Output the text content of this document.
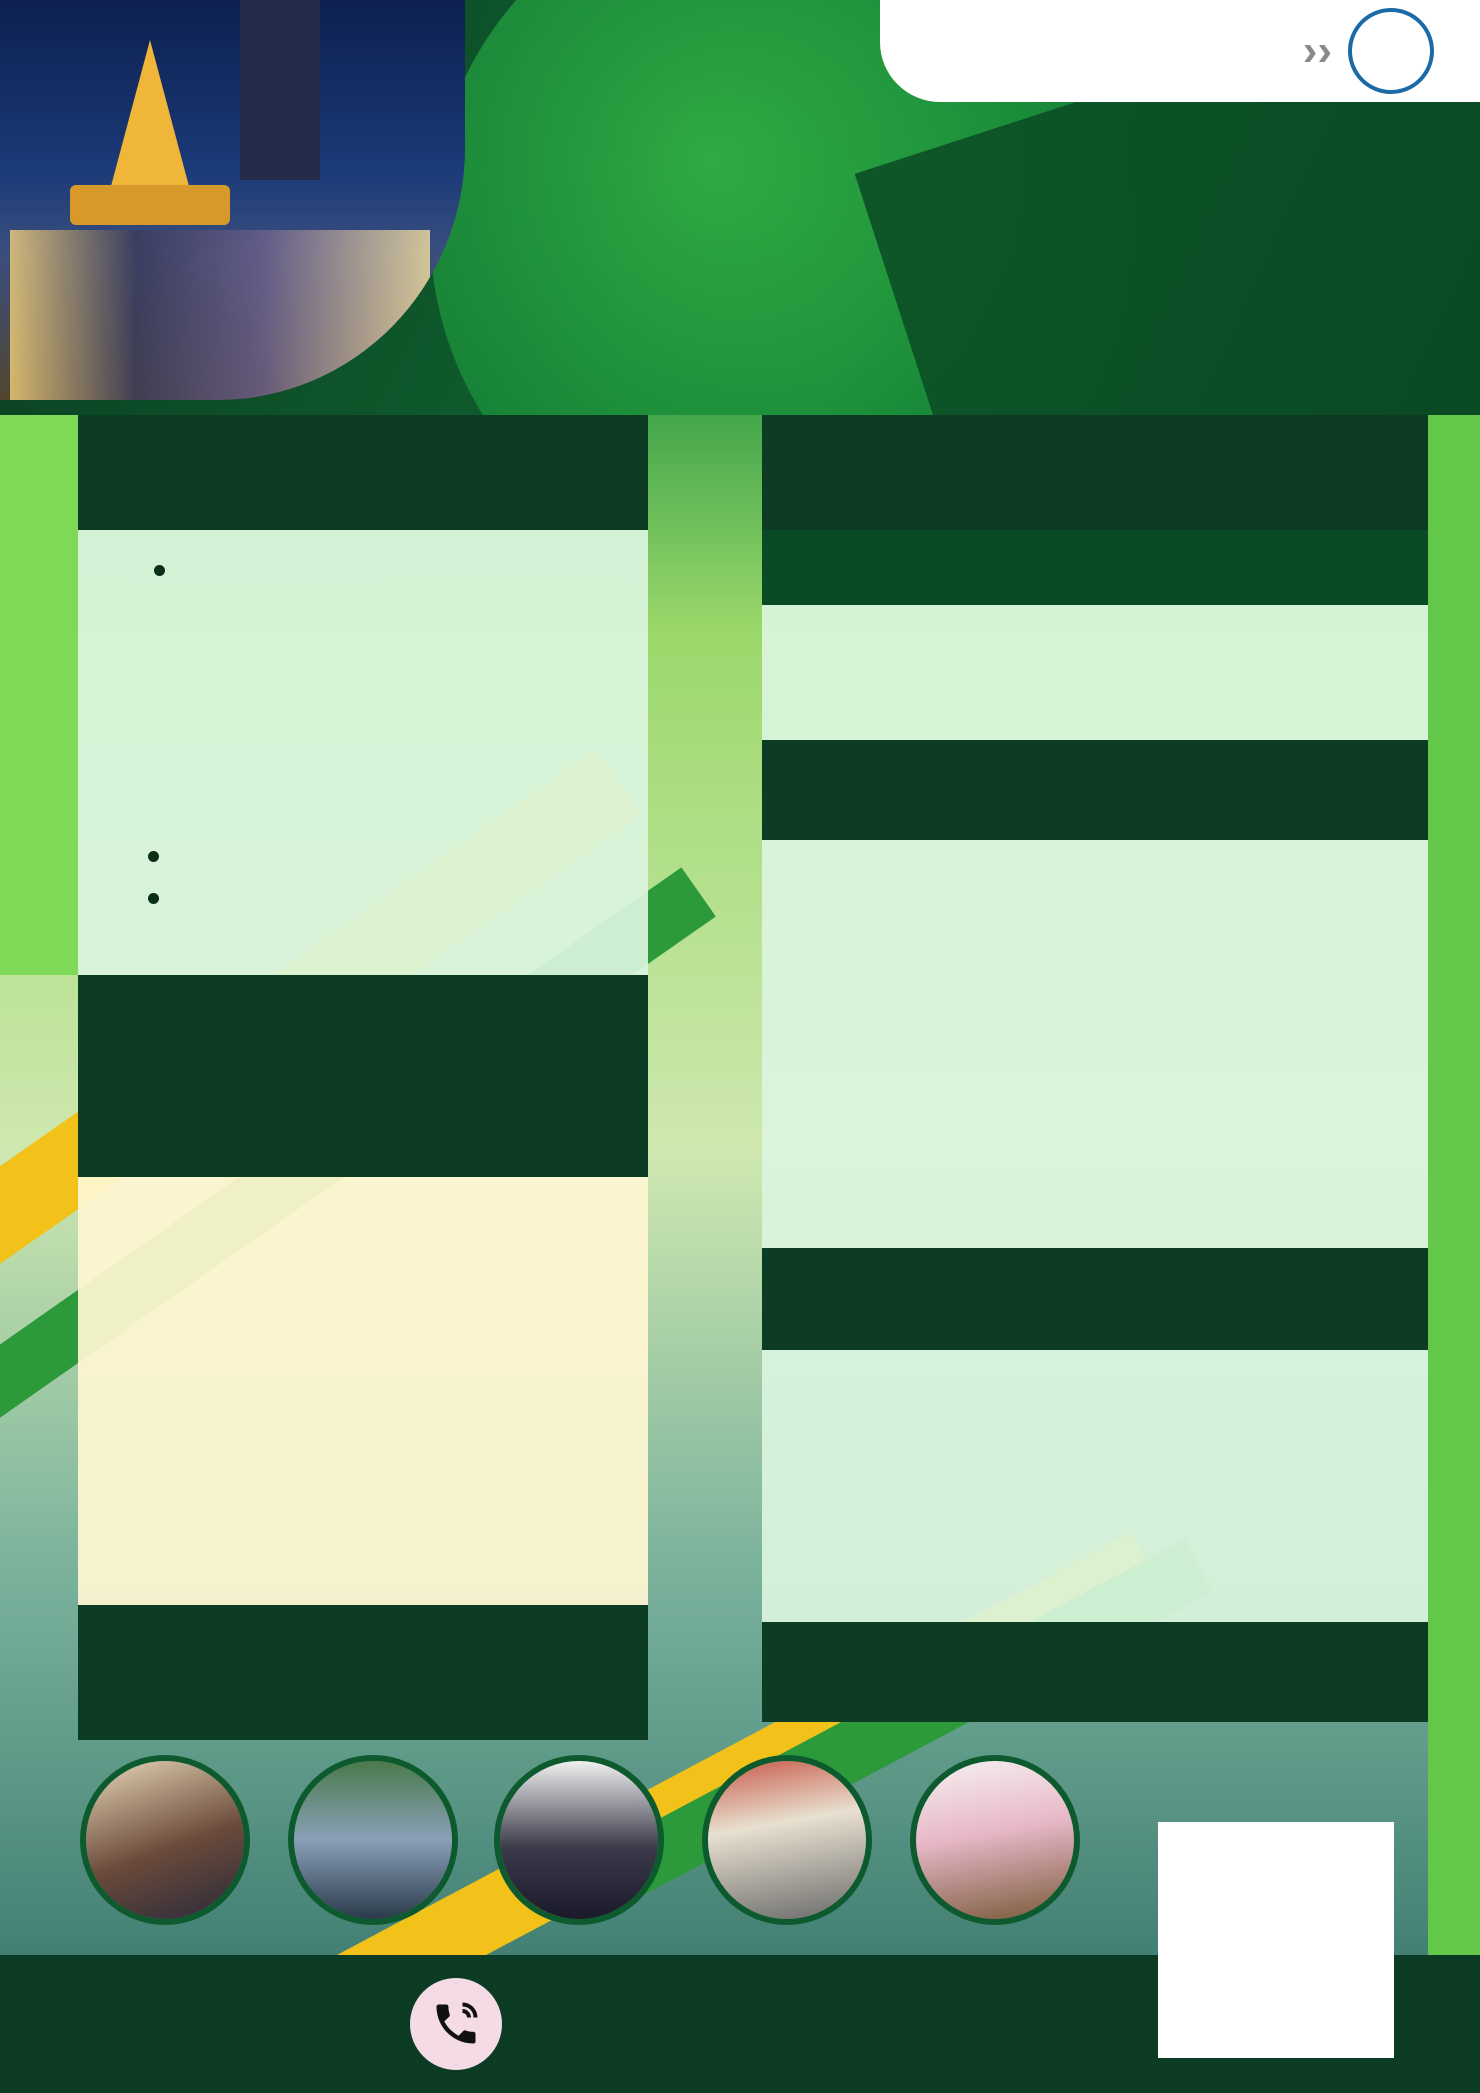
››
